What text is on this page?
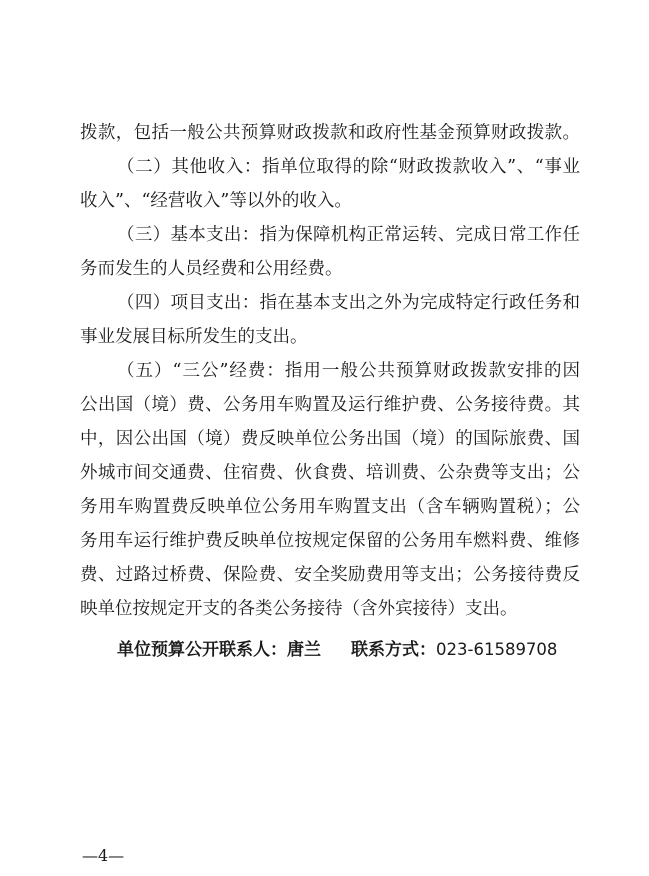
拨款，包括一般公共预算财政拨款和政府性基金预算财政拨款。
（二）其他收入：指单位取得的除“财政拨款收入”、“事业
收入”、“经营收入”等以外的收入。
（三）基本支出：指为保障机构正常运转、完成日常工作任
务而发生的人员经费和公用经费。
（四）项目支出：指在基本支出之外为完成特定行政任务和
事业发展目标所发生的支出。
（五）“三公”经费：指用一般公共预算财政拨款安排的因
公出国（境）费、公务用车购置及运行维护费、公务接待费。其
中，因公出国（境）费反映单位公务出国（境）的国际旅费、国
外城市间交通费、住宿费、伙食费、培训费、公杂费等支出；公
务用车购置费反映单位公务用车购置支出（含车辆购置税）；公
务用车运行维护费反映单位按规定保留的公务用车燃料费、维修
费、过路过桥费、保险费、安全奖励费用等支出；公务接待费反
映单位按规定开支的各类公务接待（含外宾接待）支出。
单位预算公开联系人：唐兰 联系方式：023-61589708
—4—
